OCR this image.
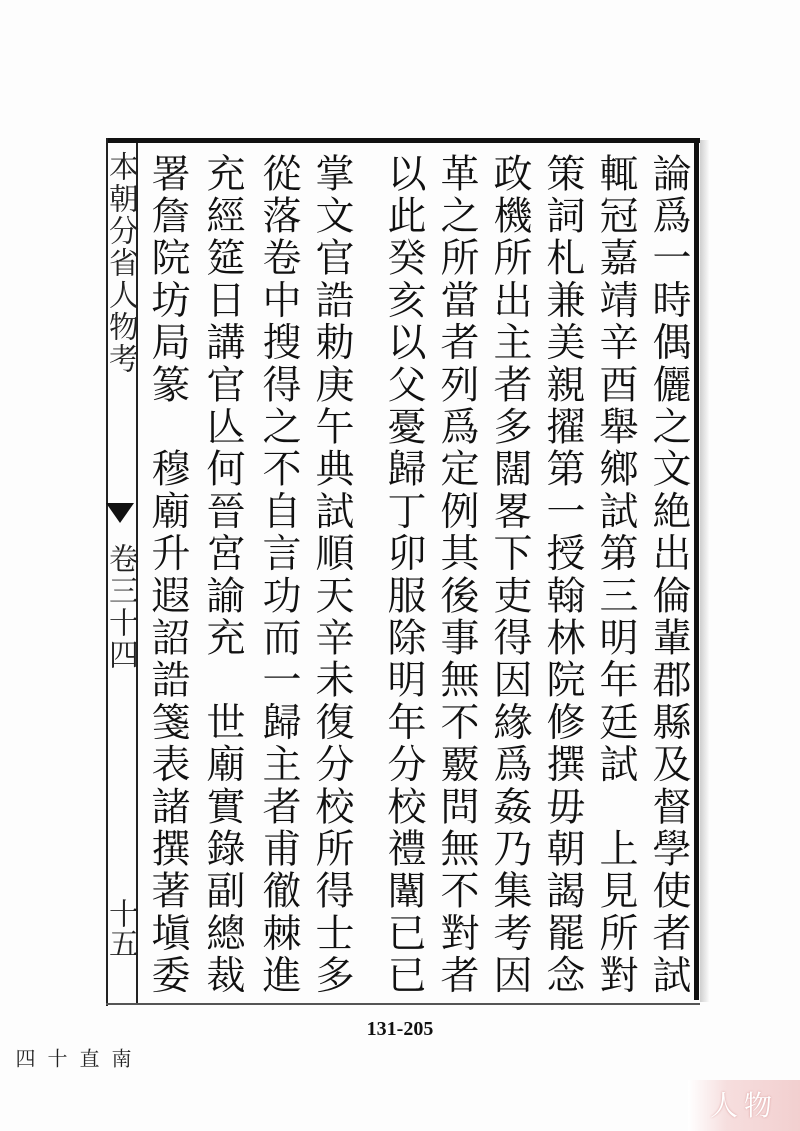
本朝分省人物考
卷三十四
十五
南直十四
論爲一時偶儷之文絶出倫輩郡縣及督學使者試
輒冠嘉靖辛酉舉鄉試第三明年廷試　上見所對
策詞札兼美親擢第一授翰林院修撰毋朝謁罷念
政機所出主者多闊畧下吏得因緣爲姦乃集考因
革之所當者列爲定例其後事無不覈問無不對者
以此癸亥以父憂歸丁卯服除明年分校禮闈已已
掌文官誥勅庚午典試順天辛未復分校所得士多
從落卷中搜得之不自言功而一歸主者甫徹棘進
充經筵日講官亾何晉宮諭充　世廟實錄副總裁
署詹院坊局篆　穆廟升遐詔誥箋表諸撰著塡委
131-205
人物
